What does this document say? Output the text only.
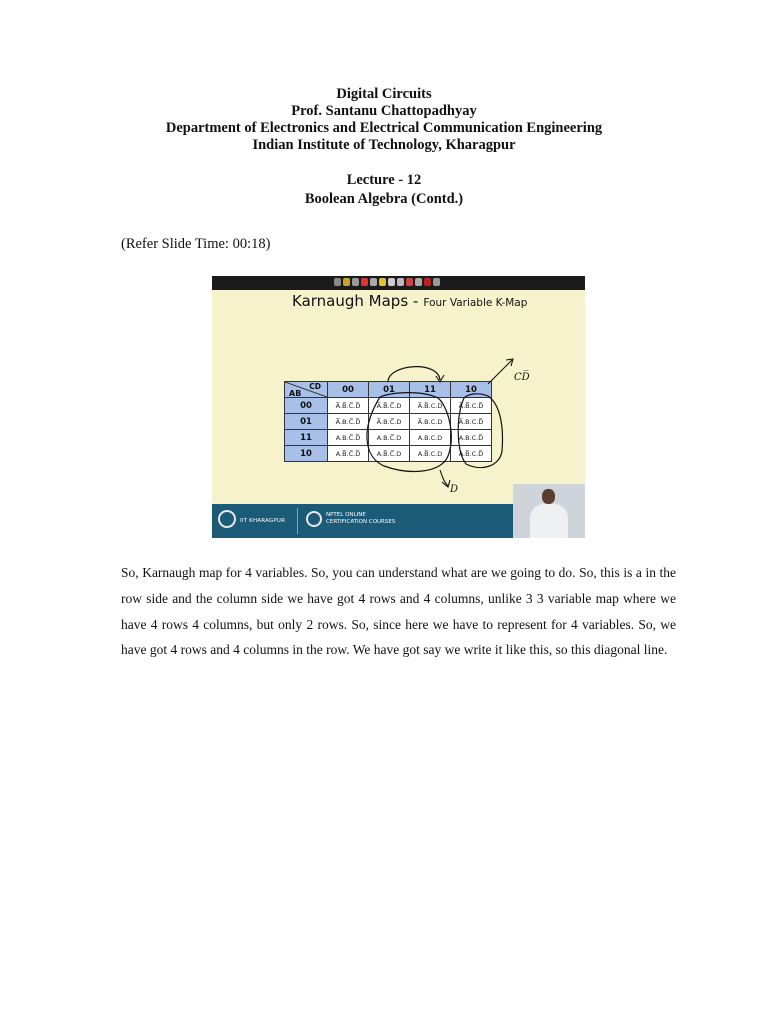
Digital Circuits
Prof. Santanu Chattopadhyay
Department of Electronics and Electrical Communication Engineering
Indian Institute of Technology, Kharagpur
Lecture - 12
Boolean Algebra (Contd.)
(Refer Slide Time: 00:18)
Karnaugh Maps - Four Variable K-Map
CD
AB	00	01	11	10
00	A̅.B̅.C̅.D̅	A̅.B̅.C̅.D	A̅.B̅.C.D	A̅.B̅.C.D̅
01	A̅.B.C̅.D̅	A̅.B.C̅.D	A̅.B.C.D	A̅.B.C.D̅
11	A.B.C̅.D̅	A.B.C̅.D	A.B.C.D	A.B.C.D̅
10	A.B̅.C̅.D̅	A.B̅.C̅.D	A.B̅.C.D	A.B̅.C.D̅
CD̅
D
IIT KHARAGPUR
NPTEL ONLINE CERTIFICATION COURSES
So, Karnaugh map for 4 variables. So, you can understand what are we going to do. So, this is a in the row side and the column side we have got 4 rows and 4 columns, unlike 3 3 variable map where we have 4 rows 4 columns, but only 2 rows. So, since here we have to represent for 4 variables. So, we have got 4 rows and 4 columns in the row. We have got say we write it like this, so this diagonal line.
